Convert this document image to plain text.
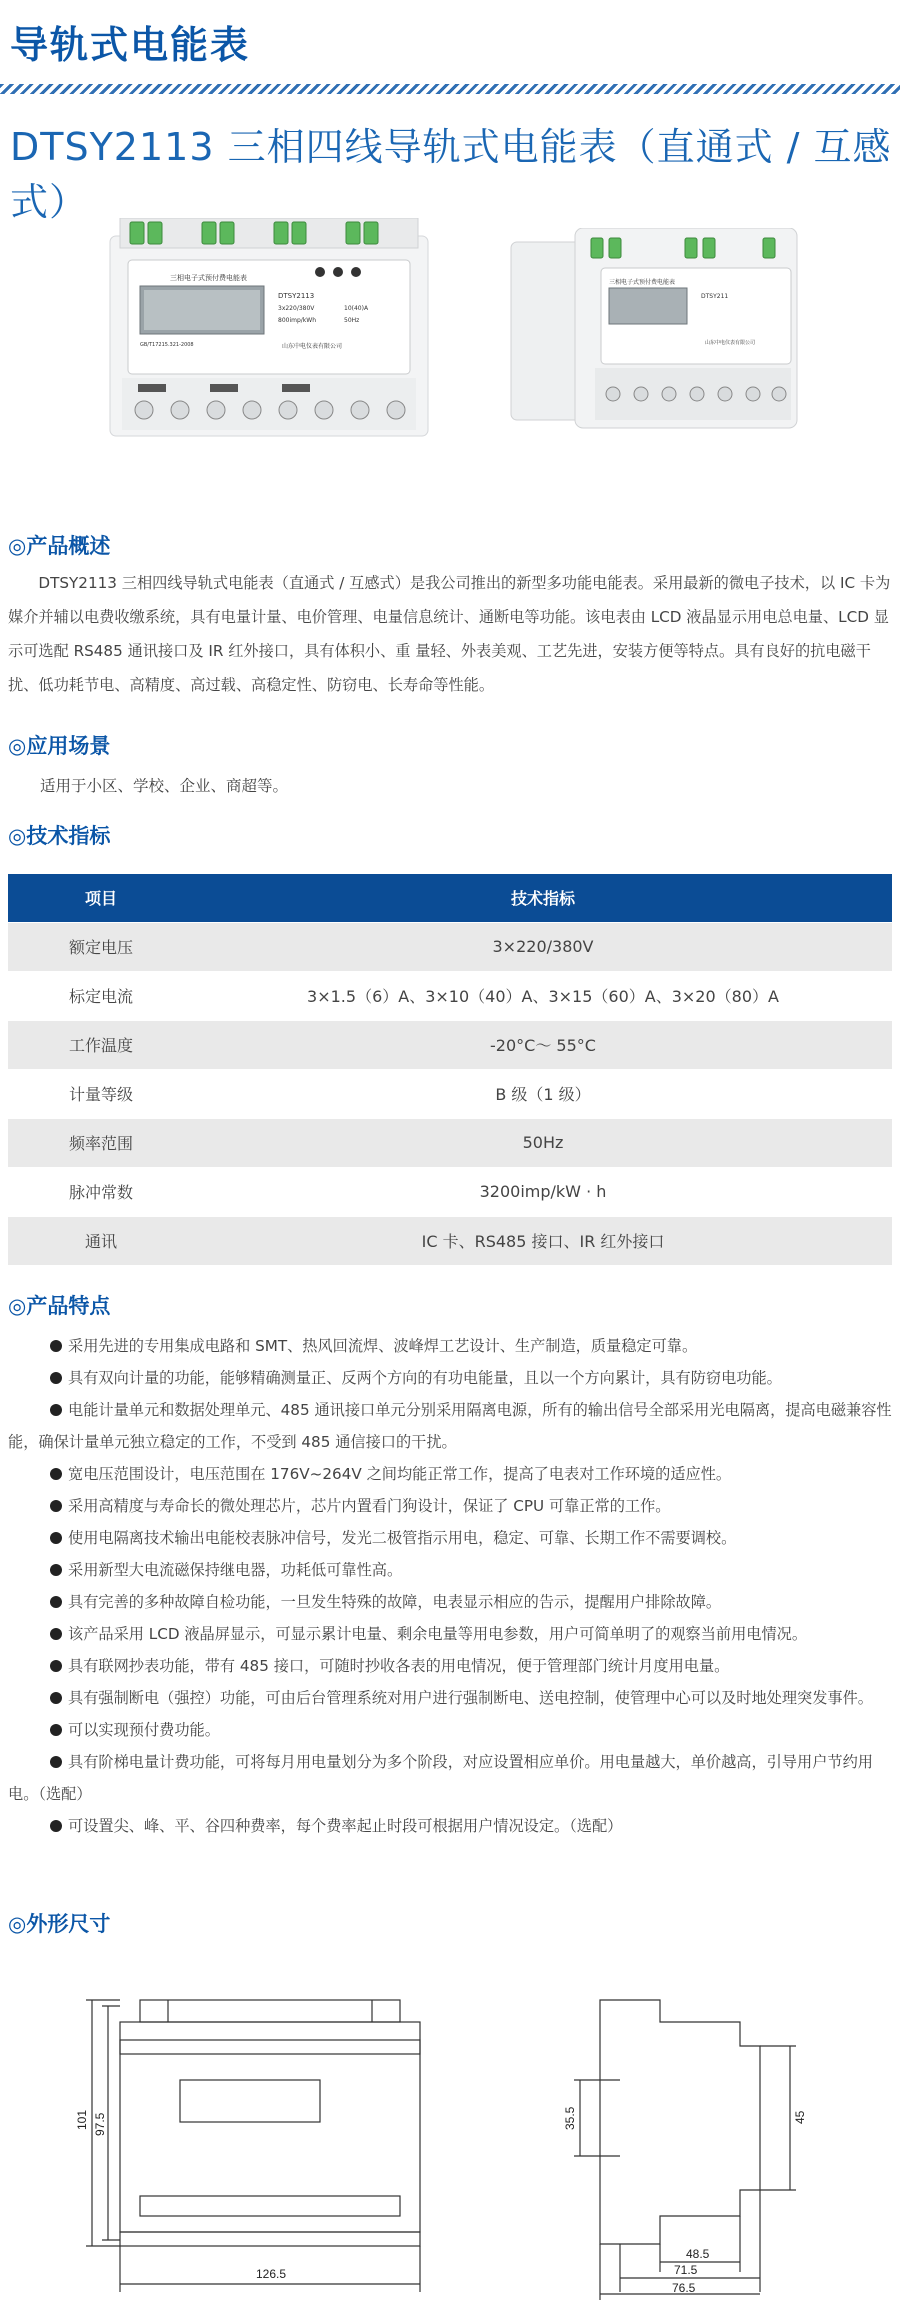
导轨式电能表
DTSY2113 三相四线导轨式电能表（直通式 / 互感式）
三相电子式预付费电能表
DTSY2113
3x220/380V	10(40)A
800imp/kWh	50Hz
GB/T17215.321-2008	山东中电仪表有限公司
三相电子式预付费电能表
DTSY211
山东中电仪表有限公司
◎产品概述

DTSY2113 三相四线导轨式电能表（直通式 / 互感式）是我公司推出的新型多功能电能表。采用最新的微电子技术，以 IC 卡为媒介并辅以电费收缴系统，具有电量计量、电价管理、电量信息统计、通断电等功能。该电表由 LCD 液晶显示用电总电量、LCD 显示可选配 RS485 通讯接口及 IR 红外接口，具有体积小、重 量轻、外表美观、工艺先进，安装方便等特点。具有良好的抗电磁干扰、低功耗节电、高精度、高过载、高稳定性、防窃电、长寿命等性能。

◎应用场景

适用于小区、学校、企业、商超等。

◎技术指标
项目	技术指标
额定电压	3×220/380V
标定电流	3×1.5（6）A、3×10（40）A、3×15（60）A、3×20（80）A
工作温度	-20°C～ 55°C
计量等级	B 级（1 级）
频率范围	50Hz
脉冲常数	3200imp/kW · h
通讯	IC 卡、RS485 接口、IR 红外接口
◎产品特点

采用先进的专用集成电路和 SMT、热风回流焊、波峰焊工艺设计、生产制造，质量稳定可靠。

具有双向计量的功能，能够精确测量正、反两个方向的有功电能量，且以一个方向累计，具有防窃电功能。

电能计量单元和数据处理单元、485 通讯接口单元分别采用隔离电源，所有的输出信号全部采用光电隔离，提高电磁兼容性能，确保计量单元独立稳定的工作，不受到 485 通信接口的干扰。

宽电压范围设计，电压范围在 176V~264V 之间均能正常工作，提高了电表对工作环境的适应性。

采用高精度与寿命长的微处理芯片，芯片内置看门狗设计，保证了 CPU 可靠正常的工作。

使用电隔离技术输出电能校表脉冲信号，发光二极管指示用电，稳定、可靠、长期工作不需要调校。

采用新型大电流磁保持继电器，功耗低可靠性高。

具有完善的多种故障自检功能，一旦发生特殊的故障，电表显示相应的告示，提醒用户排除故障。

该产品采用 LCD 液晶屏显示，可显示累计电量、剩余电量等用电参数，用户可简单明了的观察当前用电情况。

具有联网抄表功能，带有 485 接口，可随时抄收各表的用电情况，便于管理部门统计月度用电量。

具有强制断电（强控）功能，可由后台管理系统对用户进行强制断电、送电控制，使管理中心可以及时地处理突发事件。

可以实现预付费功能。

具有阶梯电量计费功能，可将每月用电量划分为多个阶段，对应设置相应单价。用电量越大，单价越高，引导用户节约用电。（选配）

可设置尖、峰、平、谷四种费率，每个费率起止时段可根据用户情况设定。（选配）

◎外形尺寸
101 97.5
126.5
35.5	45
48.5
71.5
76.5
